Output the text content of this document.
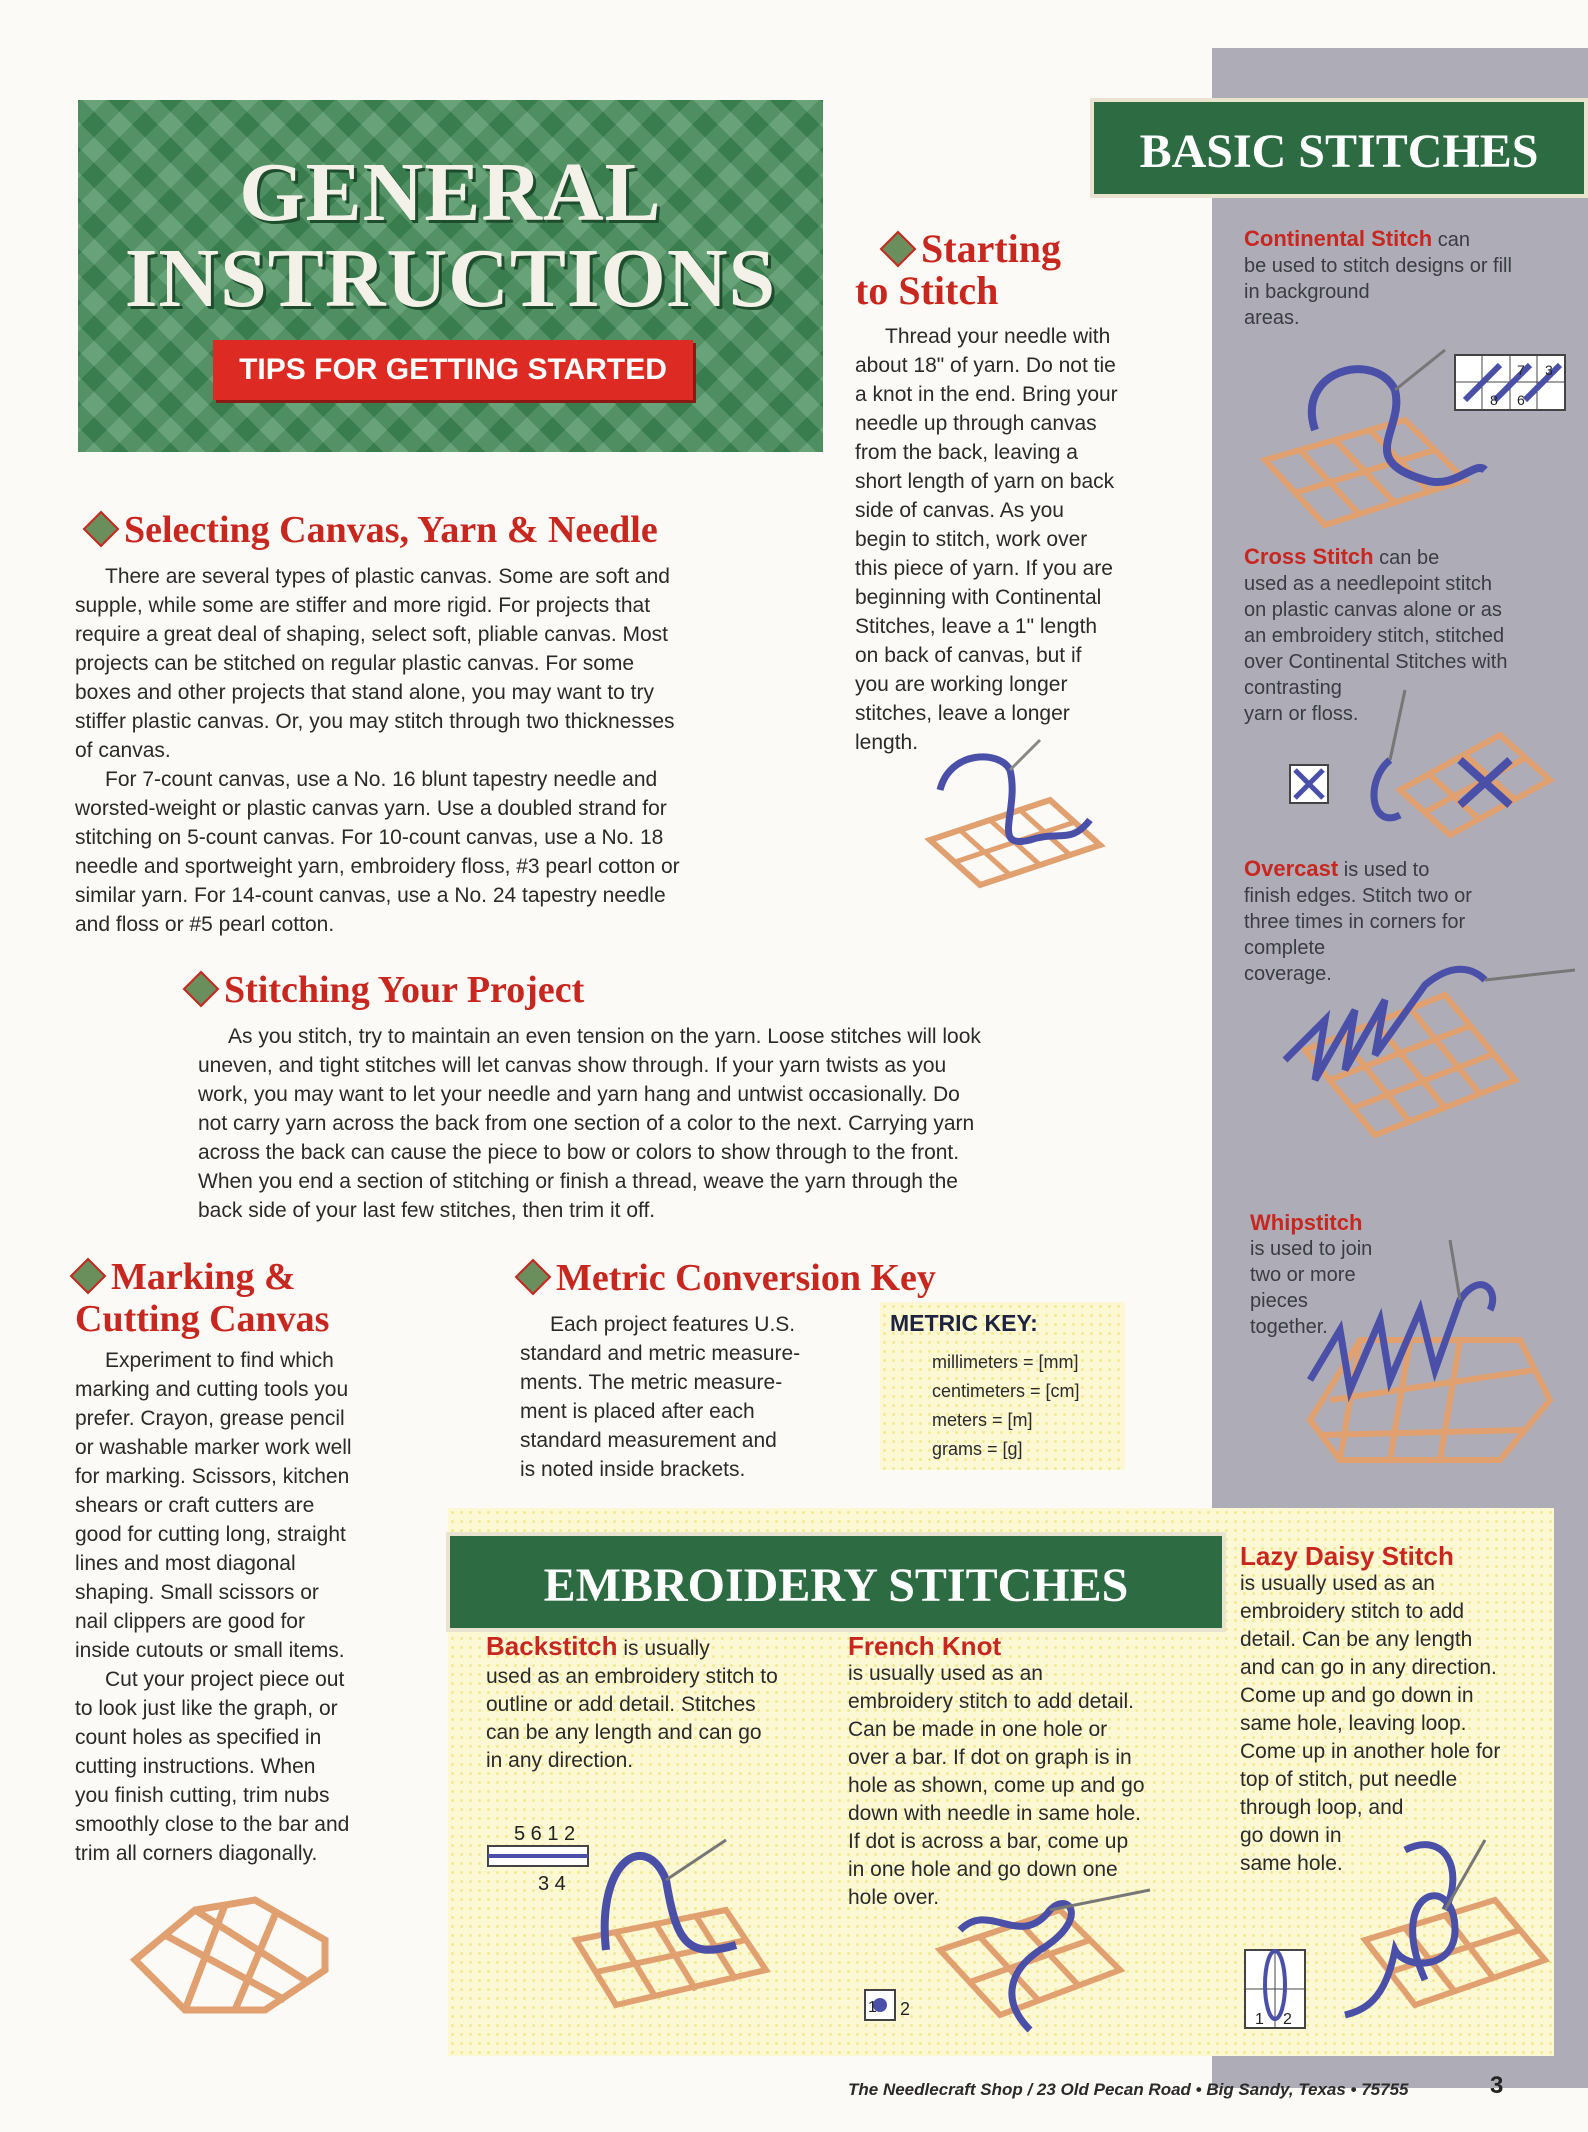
BASIC STITCHES
GENERAL
INSTRUCTIONS
TIPS FOR GETTING STARTED
Starting
to Stitch
Thread your needle with
about 18" of yarn. Do not tie
a knot in the end. Bring your
needle up through canvas
from the back, leaving a
short length of yarn on back
side of canvas. As you
begin to stitch, work over
this piece of yarn. If you are
beginning with Continental
Stitches, leave a 1" length
on back of canvas, but if
you are working longer
stitches, leave a longer
length.
Selecting Canvas, Yarn & Needle
There are several types of plastic canvas. Some are soft and
supple, while some are stiffer and more rigid. For projects that
require a great deal of shaping, select soft, pliable canvas. Most
projects can be stitched on regular plastic canvas. For some
boxes and other projects that stand alone, you may want to try
stiffer plastic canvas. Or, you may stitch through two thicknesses
of canvas.
For 7-count canvas, use a No. 16 blunt tapestry needle and
worsted-weight or plastic canvas yarn. Use a doubled strand for
stitching on 5-count canvas. For 10-count canvas, use a No. 18
needle and sportweight yarn, embroidery floss, #3 pearl cotton or
similar yarn. For 14-count canvas, use a No. 24 tapestry needle
and floss or #5 pearl cotton.
Stitching Your Project
As you stitch, try to maintain an even tension on the yarn. Loose stitches will look
uneven, and tight stitches will let canvas show through. If your yarn twists as you
work, you may want to let your needle and yarn hang and untwist occasionally. Do
not carry yarn across the back from one section of a color to the next. Carrying yarn
across the back can cause the piece to bow or colors to show through to the front.
When you end a section of stitching or finish a thread, weave the yarn through the
back side of your last few stitches, then trim it off.
Marking &
Cutting Canvas
Experiment to find which
marking and cutting tools you
prefer. Crayon, grease pencil
or washable marker work well
for marking. Scissors, kitchen
shears or craft cutters are
good for cutting long, straight
lines and most diagonal
shaping. Small scissors or
nail clippers are good for
inside cutouts or small items.
Cut your project piece out
to look just like the graph, or
count holes as specified in
cutting instructions. When
you finish cutting, trim nubs
smoothly close to the bar and
trim all corners diagonally.
Metric Conversion Key
Each project features U.S.
standard and metric measure-
ments. The metric measure-
ment is placed after each
standard measurement and
is noted inside brackets.
METRIC KEY:
millimeters = [mm]
centimeters = [cm]
meters = [m]
grams = [g]
Continental Stitch can
be used to stitch designs or fill
in background
areas.
7 3
8 6
Cross Stitch can be
used as a needlepoint stitch
on plastic canvas alone or as
an embroidery stitch, stitched
over Continental Stitches with
contrasting
yarn or floss.
Overcast is used to
finish edges. Stitch two or
three times in corners for
complete
coverage.
Whipstitch
is used to join
two or more
pieces
together.
EMBROIDERY STITCHES
Backstitch is usually
used as an embroidery stitch to
outline or add detail. Stitches
can be any length and can go
in any direction.
5 6 1 2
3 4
French Knot
is usually used as an
embroidery stitch to add detail.
Can be made in one hole or
over a bar. If dot on graph is in
hole as shown, come up and go
down with needle in same hole.
If dot is across a bar, come up
in one hole and go down one
hole over.
1 2
Lazy Daisy Stitch
is usually used as an
embroidery stitch to add
detail. Can be any length
and can go in any direction.
Come up and go down in
same hole, leaving loop.
Come up in another hole for
top of stitch, put needle
through loop, and
go down in
same hole.
1 2
The Needlecraft Shop / 23 Old Pecan Road • Big Sandy, Texas • 75755	3
